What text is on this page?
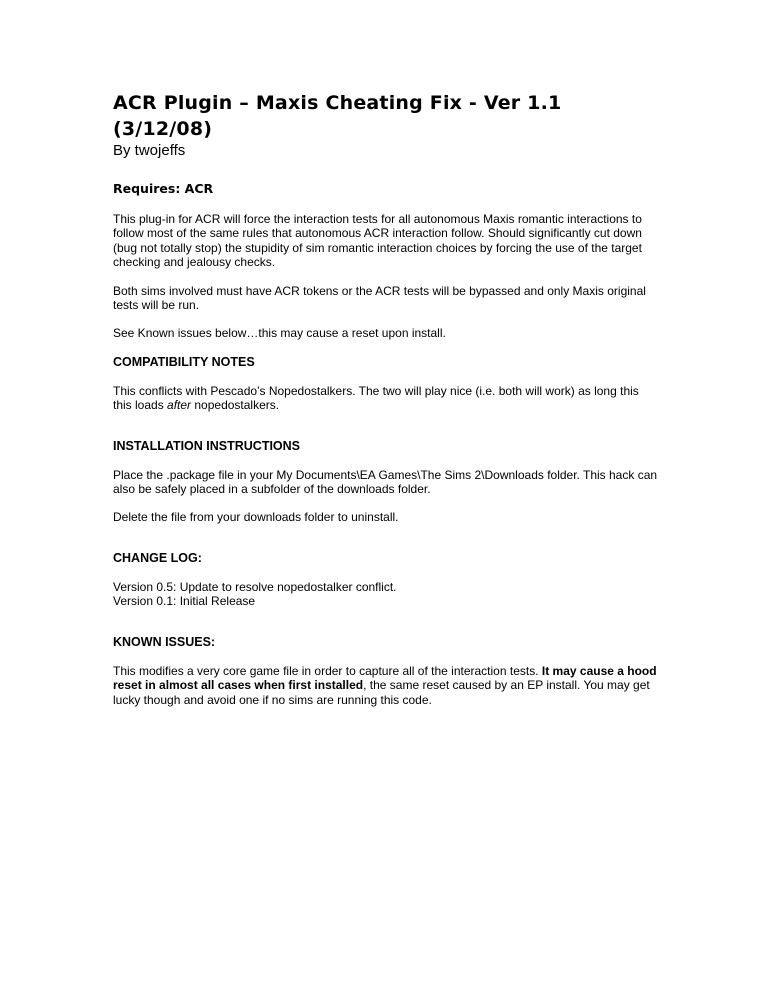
ACR Plugin – Maxis Cheating Fix - Ver 1.1
(3/12/08)
By twojeffs
Requires: ACR

This plug-in for ACR will force the interaction tests for all autonomous Maxis romantic interactions to follow most of the same rules that autonomous ACR interaction follow. Should significantly cut down (bug not totally stop) the stupidity of sim romantic interaction choices by forcing the use of the target checking and jealousy checks.

Both sims involved must have ACR tokens or the ACR tests will be bypassed and only Maxis original tests will be run.

See Known issues below…this may cause a reset upon install.

COMPATIBILITY NOTES

This conflicts with Pescado’s Nopedostalkers. The two will play nice (i.e. both will work) as long this this loads after nopedostalkers.

INSTALLATION INSTRUCTIONS

Place the .package file in your My Documents\EA Games\The Sims 2\Downloads folder. This hack can also be safely placed in a subfolder of the downloads folder.

Delete the file from your downloads folder to uninstall.

CHANGE LOG:

Version 0.5: Update to resolve nopedostalker conflict.

Version 0.1: Initial Release

KNOWN ISSUES:

This modifies a very core game file in order to capture all of the interaction tests. It may cause a hood reset in almost all cases when first installed, the same reset caused by an EP install. You may get lucky though and avoid one if no sims are running this code.
